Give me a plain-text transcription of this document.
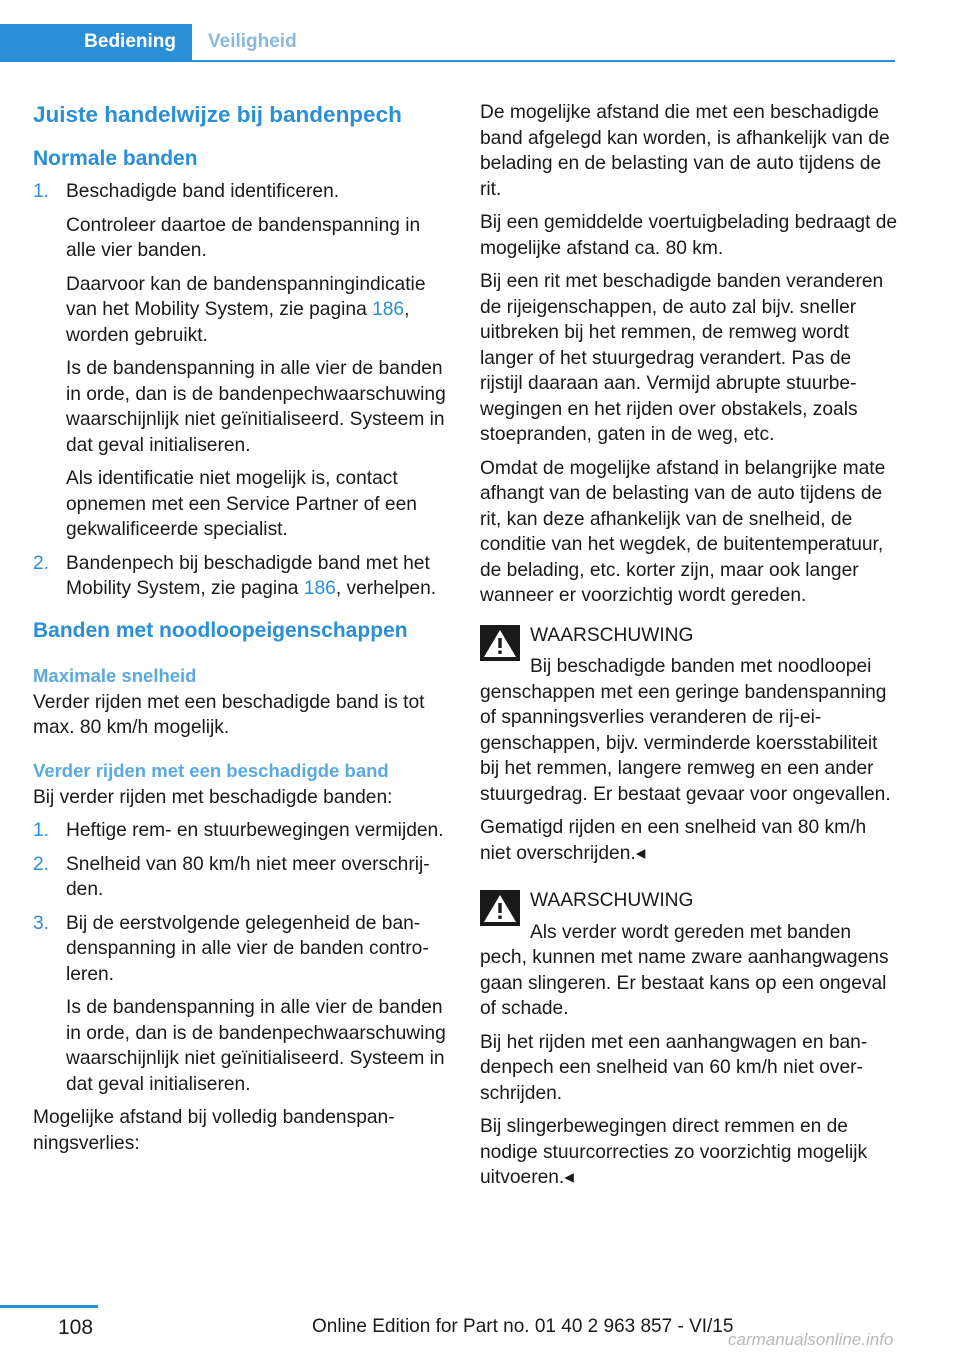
Bediening	Veiligheid
Juiste handelwijze bij bandenpech
Normale banden
1. Beschadigde band identificeren.

Controleer daartoe de bandenspanning in alle vier banden.

Daarvoor kan de bandenspanningindicatie van het Mobility System, zie pagina 186, worden gebruikt.

Is de bandenspanning in alle vier de banden in orde, dan is de bandenpechwaarschuwing waarschijnlijk niet geïnitialiseerd. Systeem in dat geval initialiseren.

Als identificatie niet mogelijk is, contact opnemen met een Service Partner of een gekwalificeerde specialist.

2. Bandenpech bij beschadigde band met het Mobility System, zie pagina 186, verhelpen.

Banden met noodloopeigenschappen
Maximale snelheid

Verder rijden met een beschadigde band is tot max. 80 km/h mogelijk.

Verder rijden met een beschadigde band

Bij verder rijden met beschadigde banden:

1. Heftige rem- en stuurbewegingen vermijden.

2. Snelheid van 80 km/h niet meer overschrijden.

3. Bij de eerstvolgende gelegenheid de bandenspanning in alle vier de banden controleren.

Is de bandenspanning in alle vier de banden in orde, dan is de bandenpechwaarschuwing waarschijnlijk niet geïnitialiseerd. Systeem in dat geval initialiseren.

Mogelijke afstand bij volledig bandenspanningsverlies:

De mogelijke afstand die met een beschadigde band afgelegd kan worden, is afhankelijk van de belading en de belasting van de auto tijdens de rit.

Bij een gemiddelde voertuigbelading bedraagt de mogelijke afstand ca. 80 km.

Bij een rit met beschadigde banden veranderen de rijeigenschappen, de auto zal bijv. sneller uitbreken bij het remmen, de remweg wordt langer of het stuurgedrag verandert. Pas de rijstijl daaraan aan. Vermijd abrupte stuurbewegingen en het rijden over obstakels, zoals stoepranden, gaten in de weg, etc.

Omdat de mogelijke afstand in belangrijke mate afhangt van de belasting van de auto tijdens de rit, kan deze afhankelijk van de snelheid, de conditie van het wegdek, de buitentemperatuur, de belading, etc. korter zijn, maar ook langer wanneer er voorzichtig wordt gereden.

WAARSCHUWING

Bij beschadigde banden met noodloopei

genschappen met een geringe bandenspanning of spanningsverlies veranderen de rij-eigenschappen, bijv. verminderde koersstabiliteit bij het remmen, langere remweg en een ander stuurgedrag. Er bestaat gevaar voor ongevallen.

Gematigd rijden en een snelheid van 80 km/h niet overschrijden.◂

WAARSCHUWING

Als verder wordt gereden met banden

pech, kunnen met name zware aanhangwagens gaan slingeren. Er bestaat kans op een ongeval of schade.

Bij het rijden met een aanhangwagen en bandenpech een snelheid van 60 km/h niet overschrijden.

Bij slingerbewegingen direct remmen en de nodige stuurcorrecties zo voorzichtig mogelijk uitvoeren.◂

108	Online Edition for Part no. 01 40 2 963 857 - VI/15
carmanualsonline.info
